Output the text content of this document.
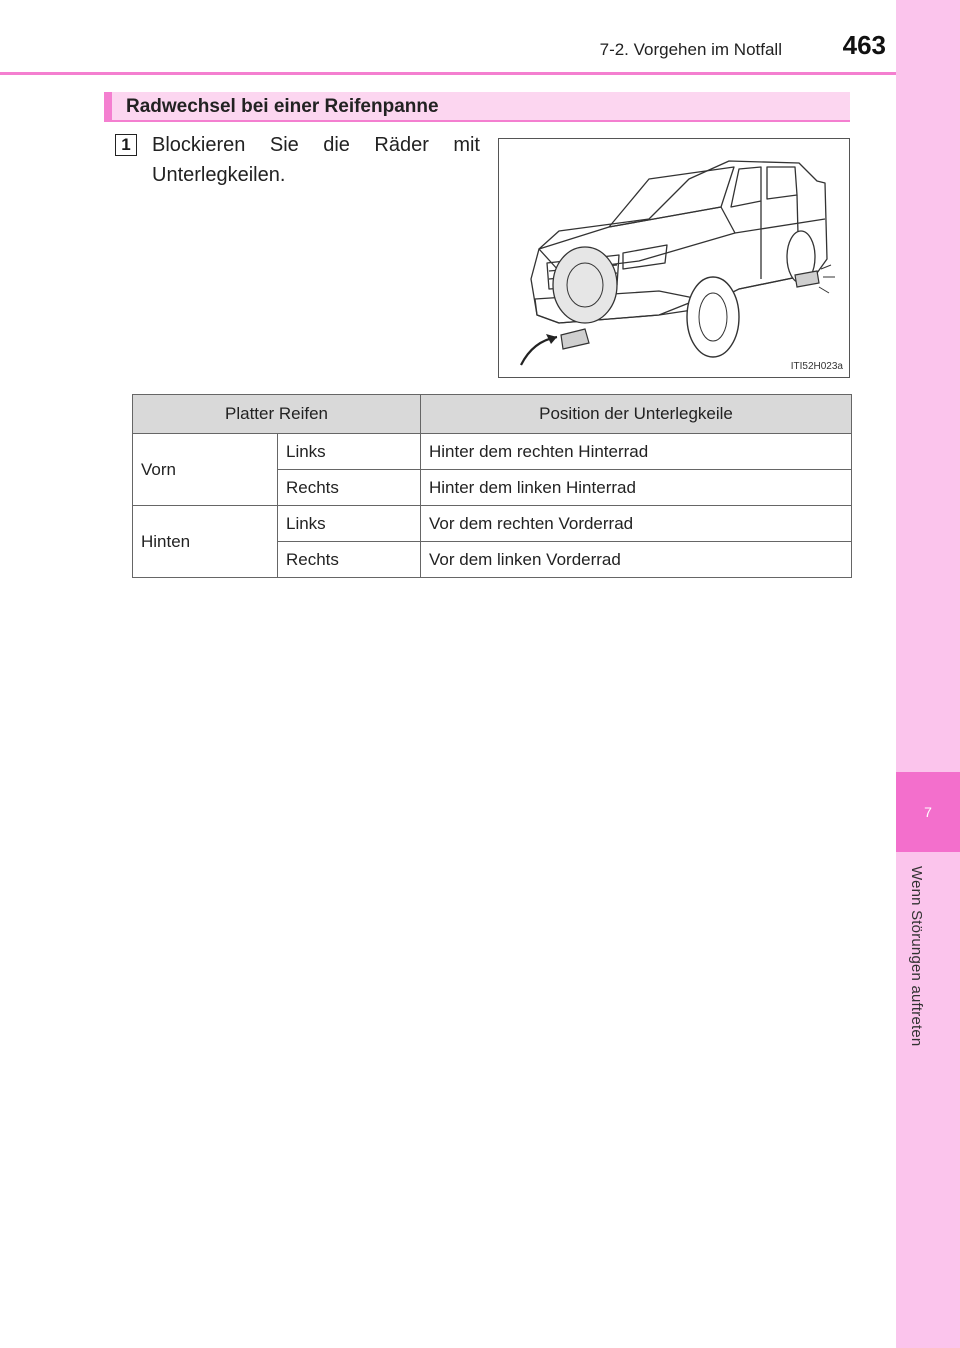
7
Wenn Störungen auftreten
7-2. Vorgehen im Notfall	463
Radwechsel bei einer Reifenpanne
1	Blockieren Sie die Räder mit Unterlegkeilen.
ITI52H023a
Platter Reifen		Position der Unterlegkeile
Vorn	Links	Hinter dem rechten Hinterrad
	Rechts	Hinter dem linken Hinterrad
Hinten	Links	Vor dem rechten Vorderrad
	Rechts	Vor dem linken Vorderrad
